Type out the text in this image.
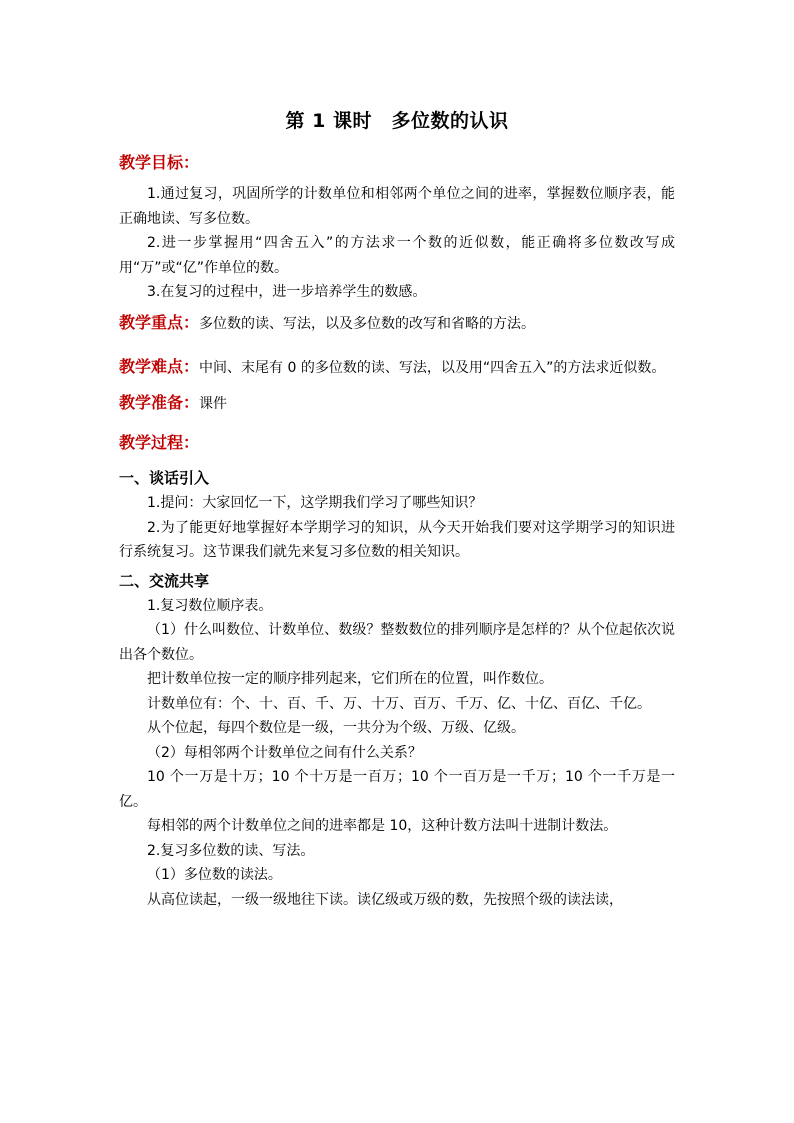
第 1 课时　多位数的认识
教学目标：

1.通过复习，巩固所学的计数单位和相邻两个单位之间的进率，掌握数位顺序表，能正确地读、写多位数。

2.进一步掌握用“四舍五入”的方法求一个数的近似数，能正确将多位数改写成用“万”或“亿”作单位的数。

3.在复习的过程中，进一步培养学生的数感。

教学重点：多位数的读、写法，以及多位数的改写和省略的方法。

教学难点：中间、末尾有 0 的多位数的读、写法，以及用“四舍五入”的方法求近似数。

教学准备：课件

教学过程：

一、谈话引入

1.提问：大家回忆一下，这学期我们学习了哪些知识？

2.为了能更好地掌握好本学期学习的知识，从今天开始我们要对这学期学习的知识进行系统复习。这节课我们就先来复习多位数的相关知识。

二、交流共享

1.复习数位顺序表。

（1）什么叫数位、计数单位、数级？整数数位的排列顺序是怎样的？从个位起依次说出各个数位。

把计数单位按一定的顺序排列起来，它们所在的位置，叫作数位。

计数单位有：个、十、百、千、万、十万、百万、千万、亿、十亿、百亿、千亿。

从个位起，每四个数位是一级，一共分为个级、万级、亿级。

（2）每相邻两个计数单位之间有什么关系？

10 个一万是十万；10 个十万是一百万；10 个一百万是一千万；10 个一千万是一亿。

每相邻的两个计数单位之间的进率都是 10，这种计数方法叫十进制计数法。

2.复习多位数的读、写法。

（1）多位数的读法。

从高位读起，一级一级地往下读。读亿级或万级的数，先按照个级的读法读，
